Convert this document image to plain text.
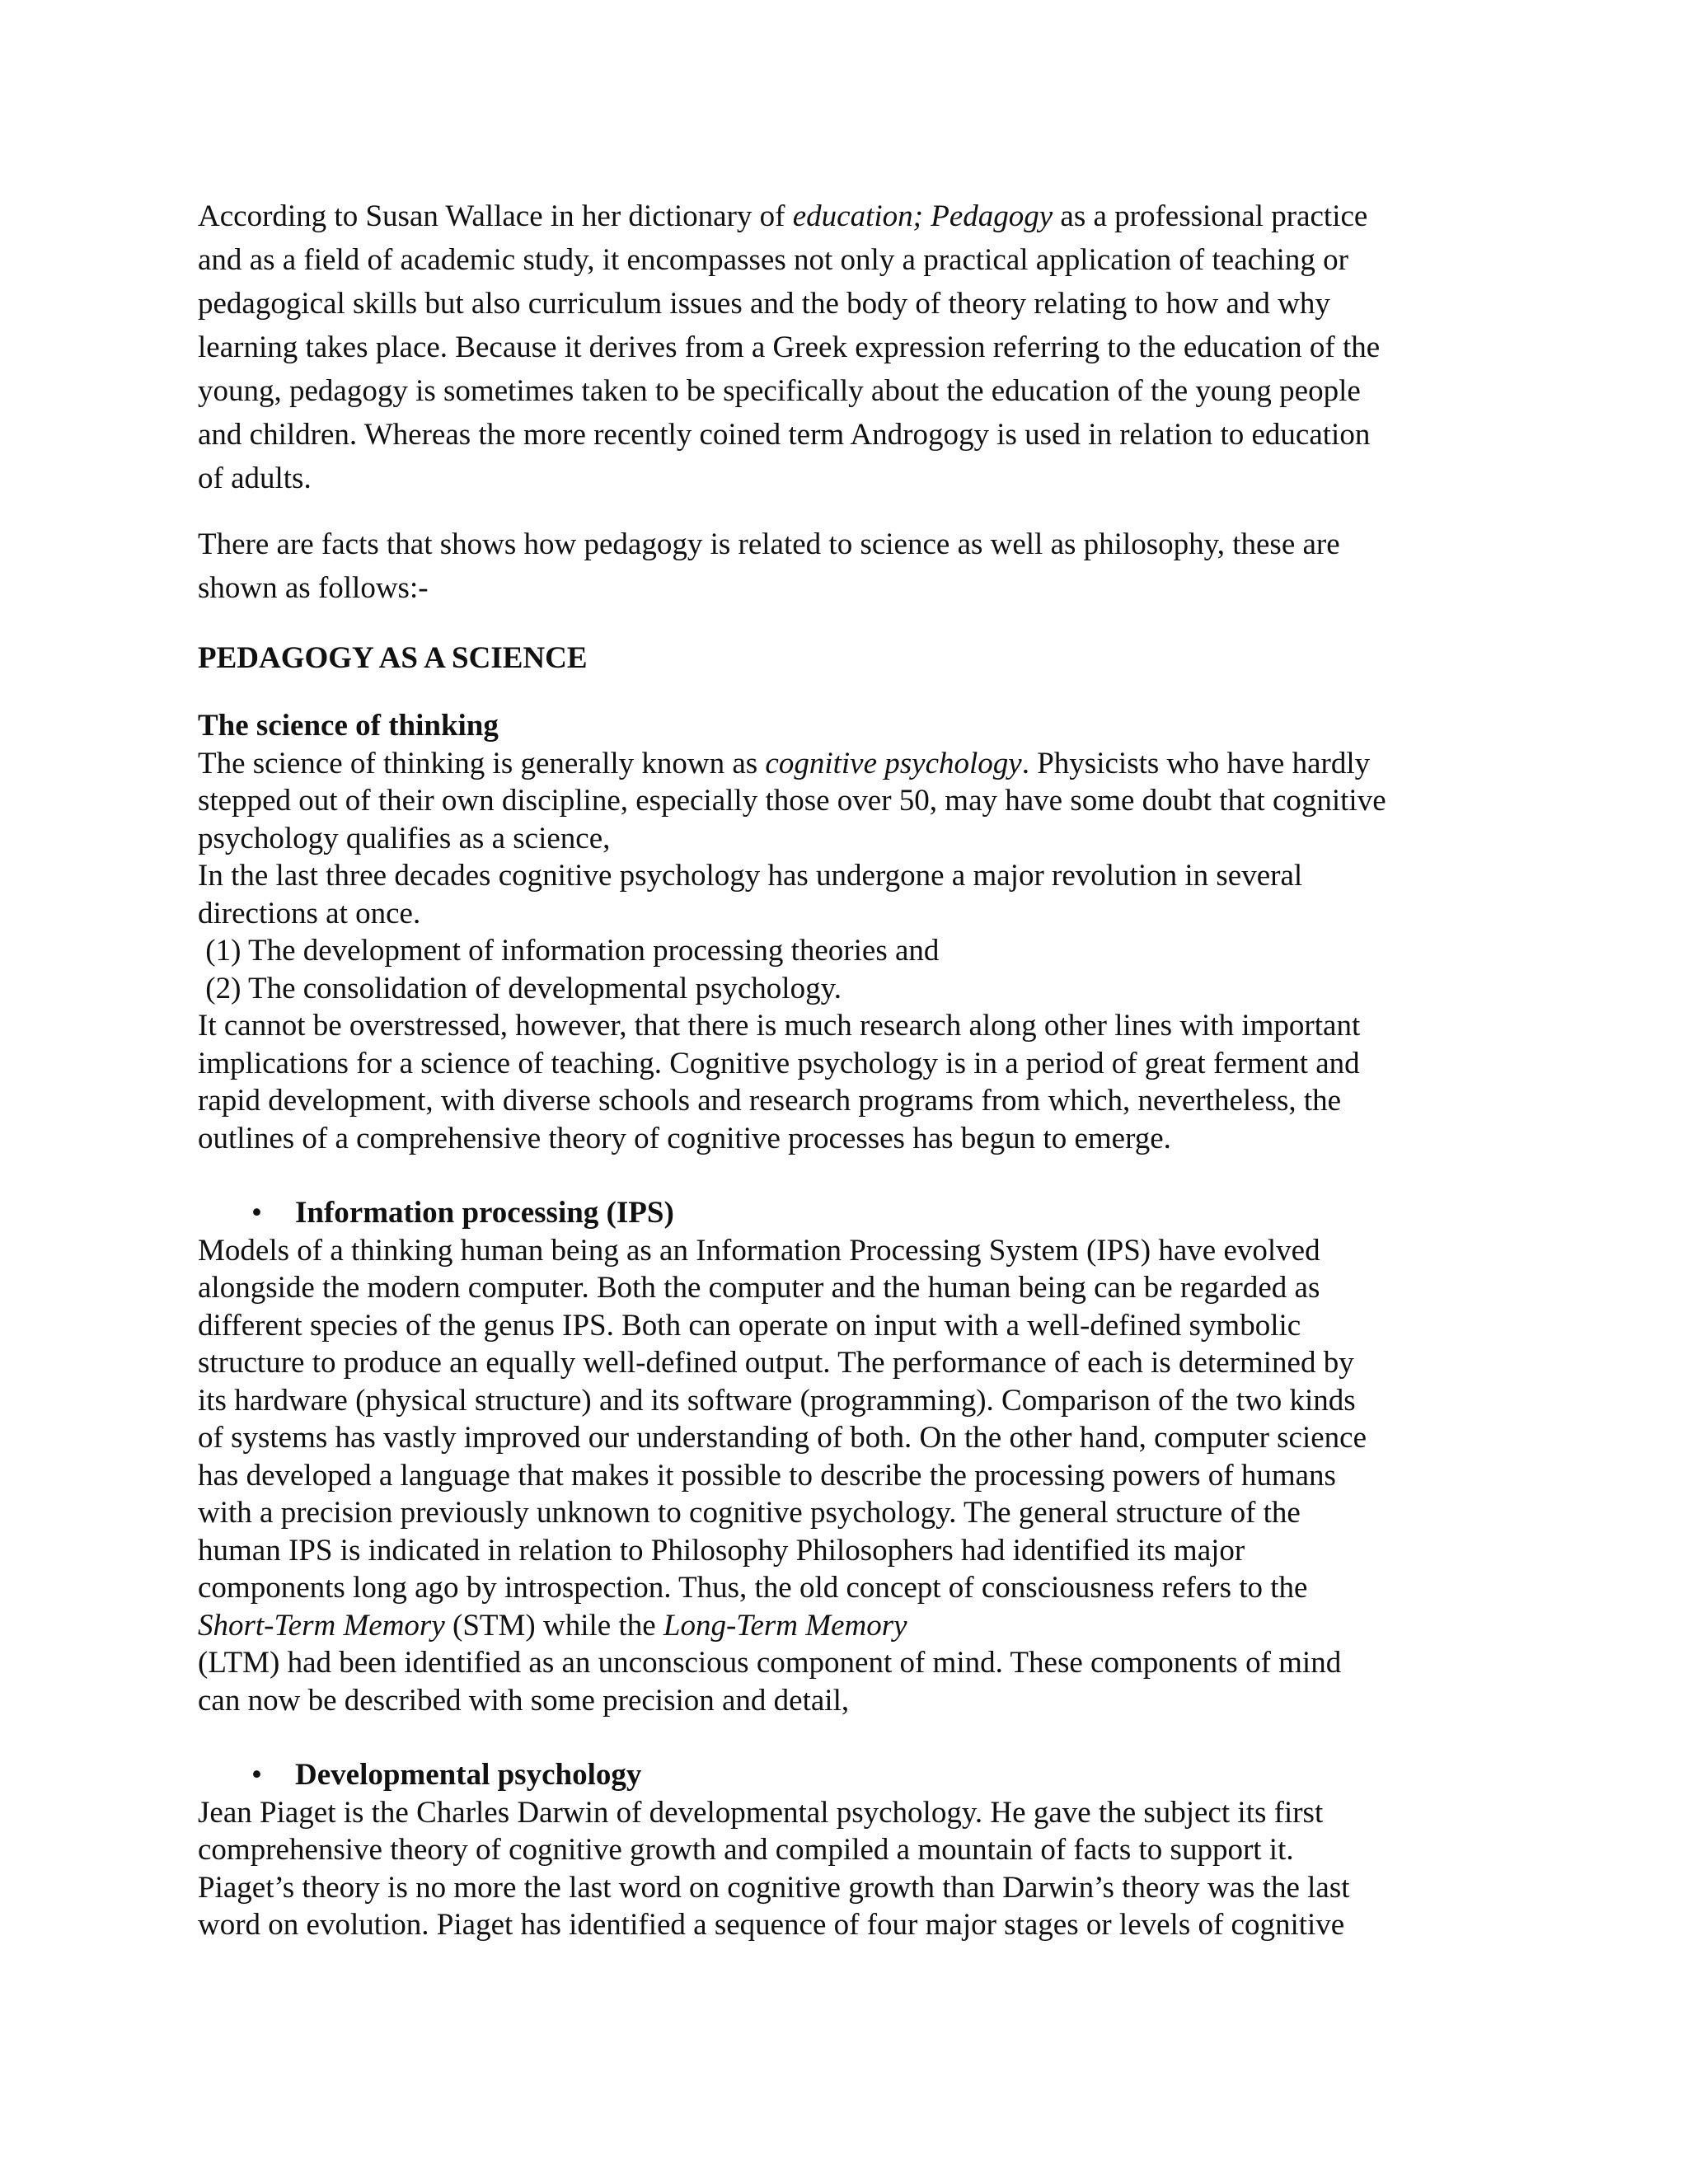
According to Susan Wallace in her dictionary of education; Pedagogy as a professional practice
and as a field of academic study, it encompasses not only a practical application of teaching or
pedagogical skills but also curriculum issues and the body of theory relating to how and why
learning takes place. Because it derives from a Greek expression referring to the education of the
young, pedagogy is sometimes taken to be specifically about the education of the young people
and children. Whereas the more recently coined term Androgogy is used in relation to education
of adults.

There are facts that shows how pedagogy is related to science as well as philosophy, these are
shown as follows:-

PEDAGOGY AS A SCIENCE

The science of thinking

The science of thinking is generally known as cognitive psychology. Physicists who have hardly
stepped out of their own discipline, especially those over 50, may have some doubt that cognitive
psychology qualifies as a science,
In the last three decades cognitive psychology has undergone a major revolution in several
directions at once.
(1) The development of information processing theories and
(2) The consolidation of developmental psychology.
It cannot be overstressed, however, that there is much research along other lines with important
implications for a science of teaching. Cognitive psychology is in a period of great ferment and
rapid development, with diverse schools and research programs from which, nevertheless, the
outlines of a comprehensive theory of cognitive processes has begun to emerge.

• Information processing (IPS)

Models of a thinking human being as an Information Processing System (IPS) have evolved
alongside the modern computer. Both the computer and the human being can be regarded as
different species of the genus IPS. Both can operate on input with a well-defined symbolic
structure to produce an equally well-defined output. The performance of each is determined by
its hardware (physical structure) and its software (programming). Comparison of the two kinds
of systems has vastly improved our understanding of both. On the other hand, computer science
has developed a language that makes it possible to describe the processing powers of humans
with a precision previously unknown to cognitive psychology. The general structure of the
human IPS is indicated in relation to Philosophy Philosophers had identified its major
components long ago by introspection. Thus, the old concept of consciousness refers to the
Short-Term Memory (STM) while the Long-Term Memory
(LTM) had been identified as an unconscious component of mind. These components of mind
can now be described with some precision and detail,

• Developmental psychology

Jean Piaget is the Charles Darwin of developmental psychology. He gave the subject its first
comprehensive theory of cognitive growth and compiled a mountain of facts to support it.
Piaget’s theory is no more the last word on cognitive growth than Darwin’s theory was the last
word on evolution. Piaget has identified a sequence of four major stages or levels of cognitive
